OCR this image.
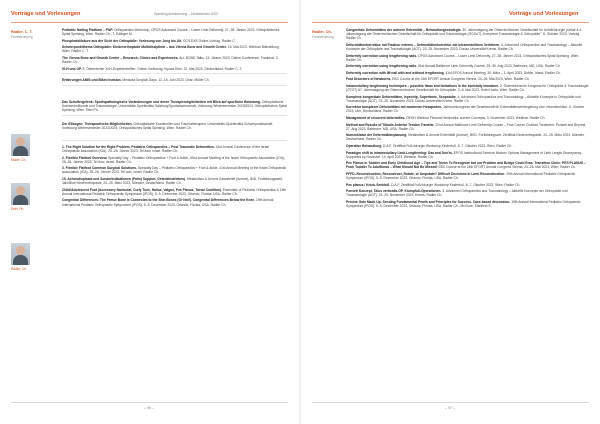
Vorträge und Vorlesungen	Spending Anerkennung – Jahresbericht 2023
Radler, C. T.
Frontsteuerung
Müller, Ch.
Ertel, Ph.
Radler, Ch.

Pediatric Nailing Platform – PNP. Orthopaedics Workshop, OPGS Advanced Course – Lower Limb Deformity, 27.-28. Jänner 2023. Orthopädisches Spital Speising, Wien. Radler Ch., T. Edlinger M.

Phosphatidilsäure aus der Sicht der Orthopädie: Vorlesung von Jung bis Alt. OCS-EAS Online-Vortrag. Radler C.

Schwerpunktthema Orthopädie: Kinderorthopädie Multidisziplinär – das Vienna Bone and Growth Center. 15. Mai 2023. Webinar Bildstellung, Wien. Radler C. T.

The Vienna Bone and Growth Center – Research, Clinics and Experiences. ALL BOND Talks. 13. Jänner 2023. Online-Conference. Frankfurt. C. Radler Ch.

XLH und OP. 6. Österreicher XLH-Expertentreffen. Online-Vorlesung, Kyowa Kirin. 22. Mai 2023, Deutschland. Radler C. T.

Erfahrungen AMIS und Bikini Inzision. Medacta Surgical Days, 12.-16. Juni 2023, Graz. Müller Ch.

Das Schultergelenk: Sportspathologische Veränderungen und deren Therapiemöglichkeiten mit Blick auf sportliche Belastung. Orthopädische Krankenheilkunde und Traumatologie, Universitäts-Sportinstitut Salzburg/Sportwissenschaft, Vorlesung Wintersemester 2023/2024. Orthopädisches Spital Speising, Wien. Ertel Ph.

Der Ellbogen: Therapeutische Möglichkeiten. Orthopädische Krankheiten und Traumatherapien. Universitäts-Sportinstitut Schwerpunktschaft, Vorlesung Wintersemester 2023/2024, Orthopädisches Spital Speising, Wien. Radler Ch.

1. The Right Solution for the Right Problem, Pediatric Orthopaedics – Post Traumatic Deformities. 41st Annual Conference of the Israel Orthopaedic Association (IOA), 25.-26. Jänner 2023, Tel Aviv, Israel. Radler Ch.

2. Flexible Flatfoot Overview. Specialty Day – Pediatric Orthopaedics + Foot & Ankle, 42nd Annual Meeting of the Israel Orthopaedic Association (IOA), 25.-26. Jänner 2023, Tel Aviv, Israel. Radler Ch.

3. Flexible Flatfoot Common Surgical Solutions. Specialty Day – Pediatric Orthopaedics + Foot & Ankle. 41st Annual Meeting of the Israel Orthopaedic Association (IOA), 25.-26. Jänner 2023, Tel Aviv, Israel. Radler Ch.

10. Achondroplasia und Sonderindikationen (Palm) Support, Gelenkinstrieben). Metabolism & Unions Kasvatellet (Actove), 8xD, Fortbildungswelt, Jain/Blue Kinderorthopädie, 24.-25. März 2023, Münster, Deutschland. Radler Ch.

Child/Adolescent Foot (Accessory Navicular, Curly Toes, Hallux, Valgus, Pes Planus, Tarsal Coalition). Essentials of Pediatric Orthopaedics & 15th Annual International Pediatric Orthopaedic Symposium (IPOS), 5.-9. Dezember 2023, Orlando, Florida, USA. Radler Ch.

Congenital Differences: The Femur Bone is Connected to the Shin Bones (Or Not!). Congenital Differences Below the Knee. 19th Annual International Pediatric Orthopaedic Symposium (IPOS), 5.-9. Dezember 2023, Orlando, Florida, USA. Radler Ch.

– 96 –
Vorträge und Vorlesungen
Radler, Ch.
Frontsteuerung

Congenitale Deformitäten der unteren Extremität – Behandlungsstrategie. 30. Jahrestagung der Österreichischen Gesellschaft für Unfallchirurgie (Unfall & 4. Jahrestagung der Österreichischen Gesellschaft für Orthopädie und Traumatologie (ÖGOuT) „Komplexe Traumatologie & Orthopädie". 6. Oktober 2023. Vortrag. Radler Ch.

Deformitätenkorrektur mit Fixateur externe – Deformitätenkorrektur mit intramedullären Verfahren. 4. Advanced Orthopaedics and Traumatology – Aktuelle Konzepte der Orthopädie und Traumatologie (AOT). 23.-25. November 2023, Donau-Universität Krems. Radler Ch.

Deformity correction using lengthening nails. OPGS Advanced Course – Lower Limb Deformity, 27.-28. Jänner 2023, Orthopädisches Spital Speising, Wien. Radler Ch.

Deformity correction using lengthening nails. 31st Annual Baltimore Limb Deformity Course, 29.-30. Aug 2023, Baltimore, MD, USA. Radler Ch.

Deformity correction with IM nail with and without lengthening. 41st EPOS Annual Meeting, 30. März – 1. April 2023, Dublin, Irland. Radler Ch.

Foot Disorders of Newborns. EBC Course at the 24th EFORT Annual Congress Vienna, 24.-26. Mai 2023, Wien. Radler Ch.

Intramedullary lengthening techniques – possible flaws and limitations in the skeletally immature. 2. Österreichische Kongress für Orthopädie & Traumatologie (ÖTOT) 67. Jahrestagung der Österreichischen Gesellschaft für Orthopädie. 3.-6. Mai 2023, Hotel Hokla, Wien. Radler Ch.

Komplexe kongenitale Deformitäten, Ispectrip, Superbone, Scopotube. 4. Advanced Orthopaedics and Traumatology – Aktuelle Konzepte in Orthopädie und Traumatologie (AOT). 23.-25. November 2023, Donau-Universität Krems. Radler Ch.

Korrektur komplexer Deformitäten mit modernen Hexapoden. Jahrbuchkongress der Gesellschaft für Extremitätenverlängerung und -rekonstruktion. 6. Oktober 2023, Ulm, Deutschland. Radler Ch.

Management of recurrent deformities. OEGH Webinar Flexural Hemimelia: current Concepts, 3. November 2023, Webinar. Radler Ch.

Method and Results of Tibialis Anterior Tendon Transfer. 22nd Annual Baltimore Limb Deformity Course – Foot Course Clubfoot Treatment: Ponseti and Beyond, 27. Aug 2023, Baltimore, MD, USA. Radler Ch.

Nomenklatur der Deformitätenplanung. Metabolism & Unions Extremität (Actove), BKD, Fortbildungszel, Zertifikat Kinderorthopädie, 24.-25. März 2023, Münster, Deutschland. Radler Ch.

Operative Behandlung. D.A.F. Zertifikat Fußchirurgie Workshop Kinderfuß, 6.-7. Oktober 2023, Wien. Radler Ch.

Paradigm shift to Intramedullary Limb Lengthening: Das and Don'ts. EPOS Instructional Seminar Modern Options Management of Limb Length Discrepancy. Supported by Nuvasive. 14. April 2023, Webinar. Radler Ch.

Pes Planus in Toddler and Early Childhood Age – Tips and Tricks To Recognize but our Problem and Bridge Covid Eras. Transition Clinic: PES PLANUS – From Toddler To Adulthood – What Should Not Be Missed! EBC Course at the 24th EFORT Annual Congress Vienna, 24.-26. Mai 2023, Wien. Radler Ch.

PFFD–Reconstruction, Reconstruct, Rotate, or Amputate? Difficult Decisions in Limb Reconstruction. 19th Annual International Pediatric Orthopaedic Symposium (IPOS), 5.-9. Dezember 2023, Orlando, Florida, USA. Radler Ch.

Pes planus / Knick-Senkfuß. D.A.F. Zertifikat Fußchirurgie Workshop Kinderfuß, 6.-7. Oktober 2023, Wien. Radler Ch.

Ponseti Konzept, Talus verticalis-OP, Klumpfuß-Operationen. 4. Advanced Orthopaedics and Traumatology – Aktuelle Konzepte der Orthopädie und Traumatologie (AOT). 23.-25. November 2023, Krems. Radler Ch.

Precise Gain Made Up: Sending Fundamental Pearls and Principles for Success. Case-based discussion. 19th Annual International Pediatric Orthopaedic Symposium (IPOS), 5.-9. Dezember 2023, Orlando, Florida, USA. Radler Ch., McClure, Stanfield S.

– 97 –
